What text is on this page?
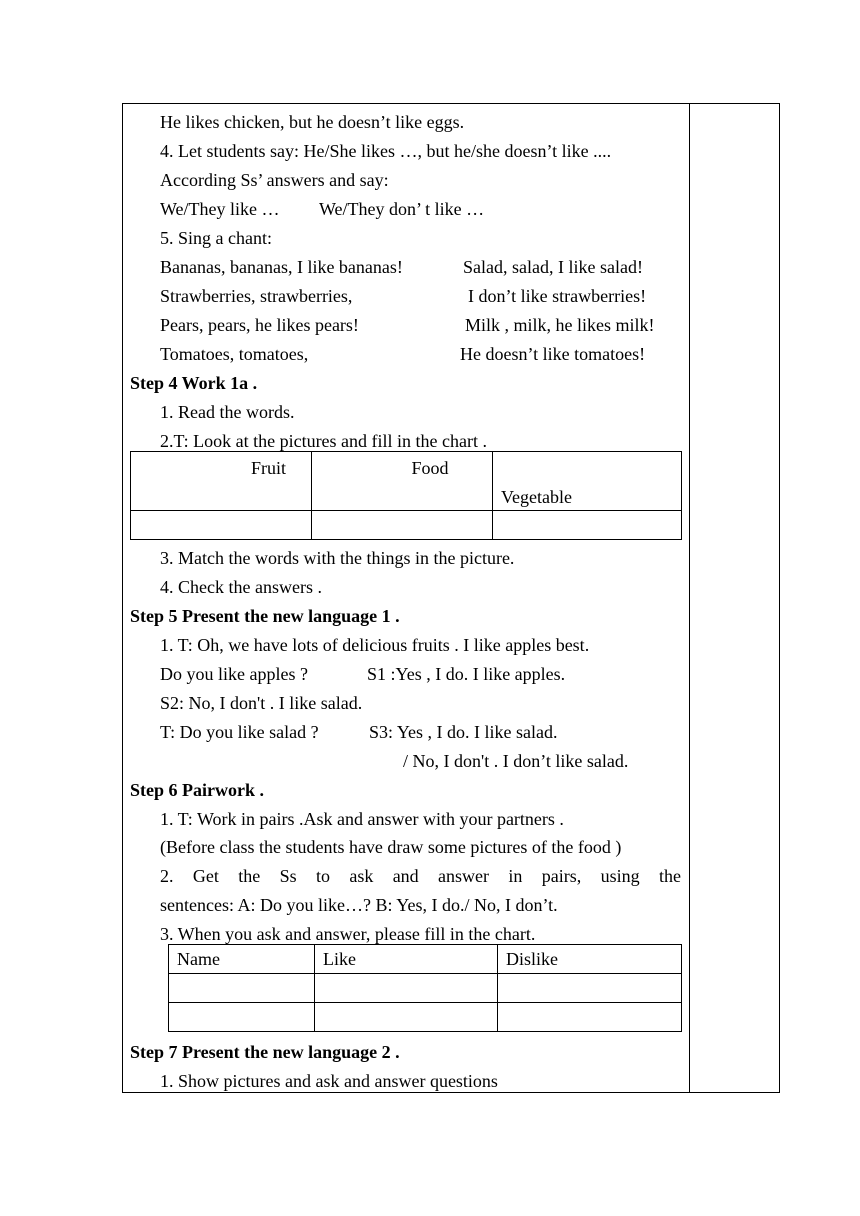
He likes chicken, but he doesn’t like eggs.
4. Let students say: He/She likes …, but he/she doesn’t like ....
According Ss’ answers and say:
We/They like … We/They don’ t like …
5. Sing a chant:
Bananas, bananas, I like bananas!	Salad, salad, I like salad!
Strawberries, strawberries,	I don’t like strawberries!
Pears, pears, he likes pears!	Milk , milk, he likes milk!
Tomatoes, tomatoes,	He doesn’t like tomatoes!
Step 4 Work 1a .
1. Read the words.
2.T: Look at the pictures and fill in the chart .
Fruit	Food	Vegetable

3. Match the words with the things in the picture.
4. Check the answers .
Step 5 Present the new language 1 .
1. T: Oh, we have lots of delicious fruits . I like apples best.
Do you like apples ?	S1 :Yes , I do. I like apples.
S2: No, I don't . I like salad.
T: Do you like salad ?	S3: Yes , I do. I like salad.
/ No, I don't . I don’t like salad.
Step 6 Pairwork .
1. T: Work in pairs .Ask and answer with your partners .
(Before class the students have draw some pictures of the food )
2. Get the Ss to ask and answer in pairs, using the
sentences: A: Do you like…? B: Yes, I do./ No, I don’t.
3. When you ask and answer, please fill in the chart.
Name	Like	Dislike

Step 7 Present the new language 2 .
1. Show pictures and ask and answer questions
